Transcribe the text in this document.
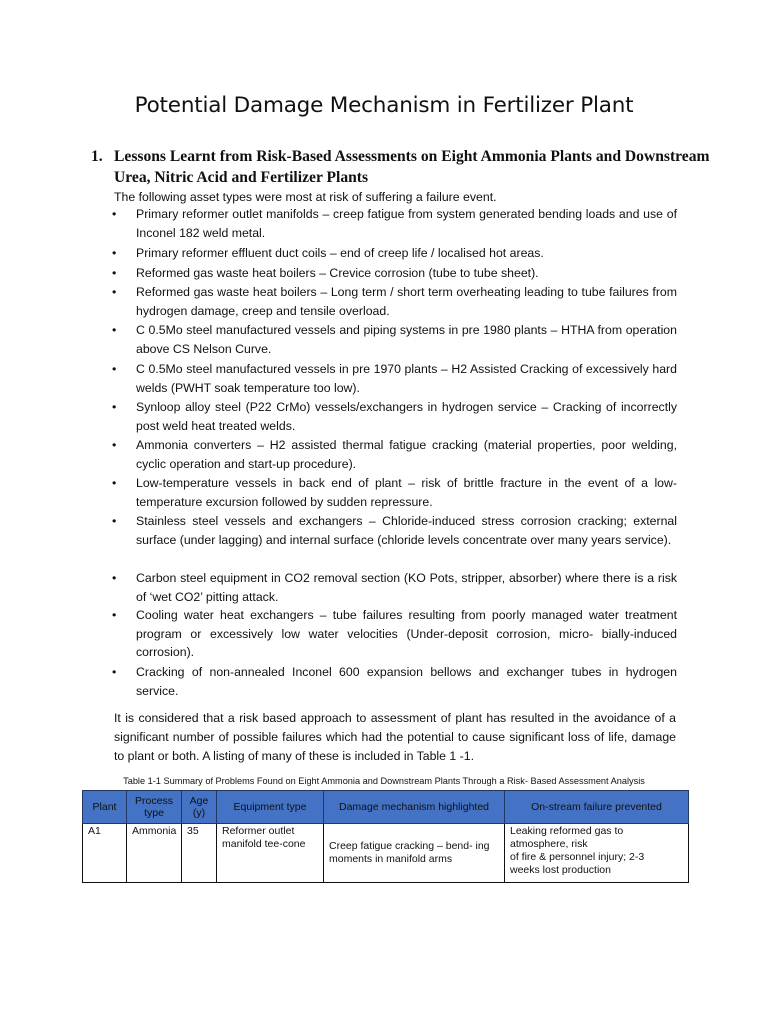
Potential Damage Mechanism in Fertilizer Plant
1. Lessons Learnt from Risk-Based Assessments on Eight Ammonia Plants and Downstream Urea, Nitric Acid and Fertilizer Plants
The following asset types were most at risk of suffering a failure event.
• Primary reformer outlet manifolds – creep fatigue from system generated bending loads and use of Inconel 182 weld metal.
• Primary reformer effluent duct coils – end of creep life / localised hot areas.
• Reformed gas waste heat boilers – Crevice corrosion (tube to tube sheet).
• Reformed gas waste heat boilers – Long term / short term overheating leading to tube failures from hydrogen damage, creep and tensile overload.
• C 0.5Mo steel manufactured vessels and piping systems in pre 1980 plants – HTHA from operation above CS Nelson Curve.
• C 0.5Mo steel manufactured vessels in pre 1970 plants – H2 Assisted Cracking of excessively hard welds (PWHT soak temperature too low).
• Synloop alloy steel (P22 CrMo) vessels/exchangers in hydrogen service – Cracking of incorrectly post weld heat treated welds.
• Ammonia converters – H2 assisted thermal fatigue cracking (material properties, poor welding, cyclic operation and start-up procedure).
• Low-temperature vessels in back end of plant – risk of brittle fracture in the event of a low-temperature excursion followed by sudden repressure.
• Stainless steel vessels and exchangers – Chloride-induced stress corrosion cracking; external surface (under lagging) and internal surface (chloride levels concentrate over many years service).
• Carbon steel equipment in CO2 removal section (KO Pots, stripper, absorber) where there is a risk of ‘wet CO2’ pitting attack.
• Cooling water heat exchangers – tube failures resulting from poorly managed water treatment program or excessively low water velocities (Under-deposit corrosion, micro- bially-induced corrosion).
• Cracking of non-annealed Inconel 600 expansion bellows and exchanger tubes in hydrogen service.
It is considered that a risk based approach to assessment of plant has resulted in the avoidance of a significant number of possible failures which had the potential to cause significant loss of life, damage to plant or both. A listing of many of these is included in Table 1 -1.
Table 1-1 Summary of Problems Found on Eight Ammonia and Downstream Plants Through a Risk- Based Assessment Analysis
Plant	Process type	Age (y)	Equipment type	Damage mechanism highlighted	On-stream failure prevented
A1	Ammonia	35	Reformer outlet manifold tee-cone	Creep fatigue cracking – bend- ing moments in manifold arms	Leaking reformed gas to atmosphere, risk
of fire & personnel injury; 2-3
weeks lost production
